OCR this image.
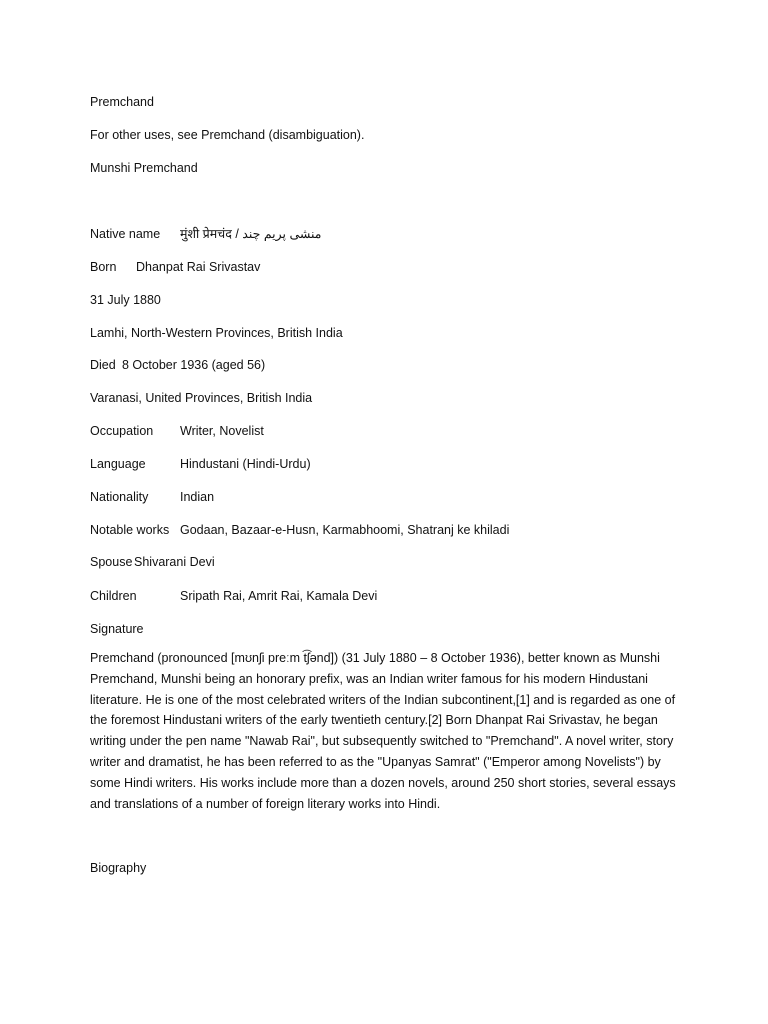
Premchand
For other uses, see Premchand (disambiguation).
Munshi Premchand
Native name मुंशी प्रेमचंद / منشی پریم چند
Born Dhanpat Rai Srivastav
31 July 1880
Lamhi, North-Western Provinces, British India
Died 8 October 1936 (aged 56)
Varanasi, United Provinces, British India
Occupation Writer, Novelist
Language	Hindustani (Hindi-Urdu)
Nationality	Indian
Notable works Godaan, Bazaar-e-Husn, Karmabhoomi, Shatranj ke khiladi
Spouse Shivarani Devi
Children	Sripath Rai, Amrit Rai, Kamala Devi
Signature
Premchand (pronounced [mʊnʃi preːm t͡ʃənd]) (31 July 1880 – 8 October 1936), better known as Munshi Premchand, Munshi being an honorary prefix, was an Indian writer famous for his modern Hindustani literature. He is one of the most celebrated writers of the Indian subcontinent,[1] and is regarded as one of the foremost Hindustani writers of the early twentieth century.[2] Born Dhanpat Rai Srivastav, he began writing under the pen name "Nawab Rai", but subsequently switched to "Premchand". A novel writer, story writer and dramatist, he has been referred to as the "Upanyas Samrat" ("Emperor among Novelists") by some Hindi writers. His works include more than a dozen novels, around 250 short stories, several essays and translations of a number of foreign literary works into Hindi.
Biography
